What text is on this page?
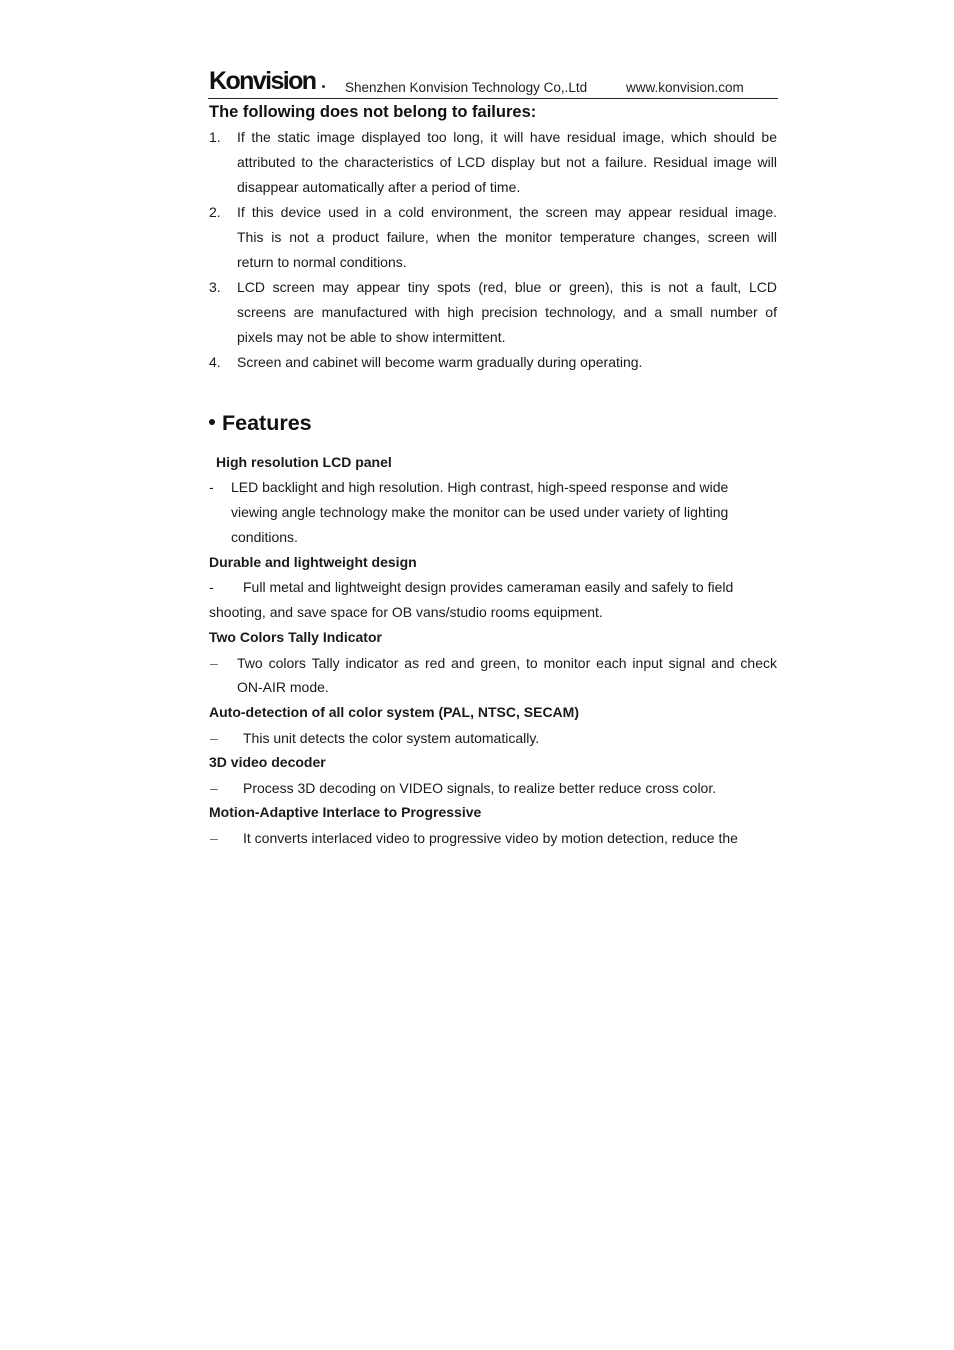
Konvision Shenzhen Konvision Technology Co,.Ltd	www.konvision.com
The following does not belong to failures:
1. If the static image displayed too long, it will have residual image, which should be
attributed to the characteristics of LCD display but not a failure. Residual image will
disappear automatically after a period of time.
2. If this device used in a cold environment, the screen may appear residual image.
This is not a product failure, when the monitor temperature changes, screen will
return to normal conditions.
3. LCD screen may appear tiny spots (red, blue or green), this is not a fault, LCD
screens are manufactured with high precision technology, and a small number of
pixels may not be able to show intermittent.
4. Screen and cabinet will become warm gradually during operating.
Features
High resolution LCD panel
- LED backlight and high resolution. High contrast, high-speed response and wide
viewing angle technology make the monitor can be used under variety of lighting
conditions.
Durable and lightweight design
- Full metal and lightweight design provides cameraman easily and safely to field
shooting, and save space for OB vans/studio rooms equipment.
Two Colors Tally Indicator
– Two colors Tally indicator as red and green, to monitor each input signal and check
ON-AIR mode.
Auto-detection of all color system (PAL, NTSC, SECAM)
– This unit detects the color system automatically.
3D video decoder
– Process 3D decoding on VIDEO signals, to realize better reduce cross color.
Motion-Adaptive Interlace to Progressive
– It converts interlaced video to progressive video by motion detection, reduce the
